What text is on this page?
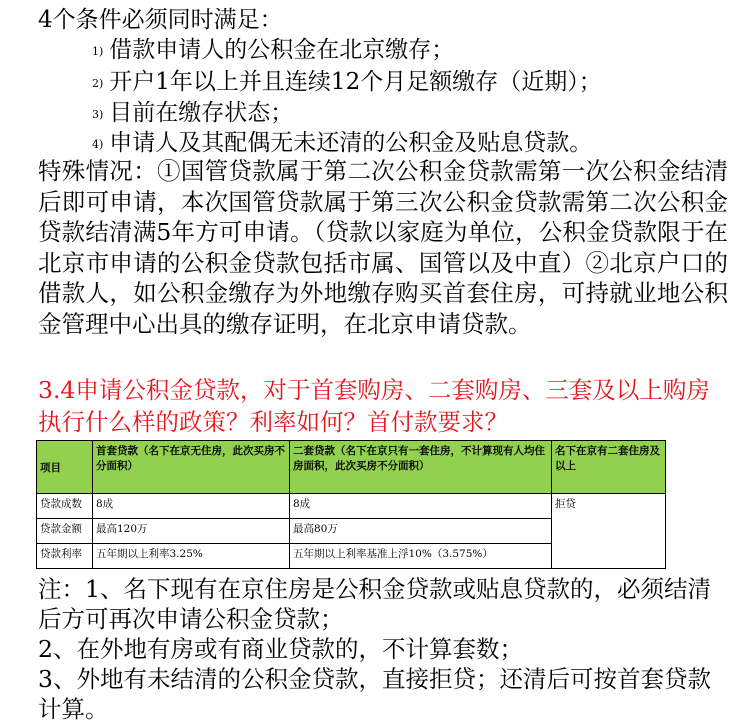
4个条件必须同时满足：

1) 借款申请人的公积金在北京缴存；
2) 开户1年以上并且连续12个月足额缴存（近期）；
3) 目前在缴存状态；
4) 申请人及其配偶无未还清的公积金及贴息贷款。

特殊情况：①国管贷款属于第二次公积金贷款需第一次公积金结清后即可申请，本次国管贷款属于第三次公积金贷款需第二次公积金贷款结清满5年方可申请。（贷款以家庭为单位，公积金贷款限于在北京市申请的公积金贷款包括市属、国管以及中直）②北京户口的借款人，如公积金缴存为外地缴存购买首套住房，可持就业地公积金管理中心出具的缴存证明，在北京申请贷款。

3.4申请公积金贷款，对于首套购房、二套购房、三套及以上购房执行什么样的政策？利率如何？首付款要求？

项目	首套贷款（名下在京无住房，此次买房不分面积）	二套贷款（名下在京只有一套住房，不计算现有人均住房面积，此次买房不分面积）	名下在京有二套住房及以上
贷款成数	8成	8成	拒贷
贷款金额	最高120万	最高80万	
贷款利率	五年期以上利率3.25%	五年期以上利率基准上浮10%（3.575%）	

注：1、名下现有在京住房是公积金贷款或贴息贷款的，必须结清后方可再次申请公积金贷款；

2、在外地有房或有商业贷款的，不计算套数；

3、外地有未结清的公积金贷款，直接拒贷；还清后可按首套贷款计算。
